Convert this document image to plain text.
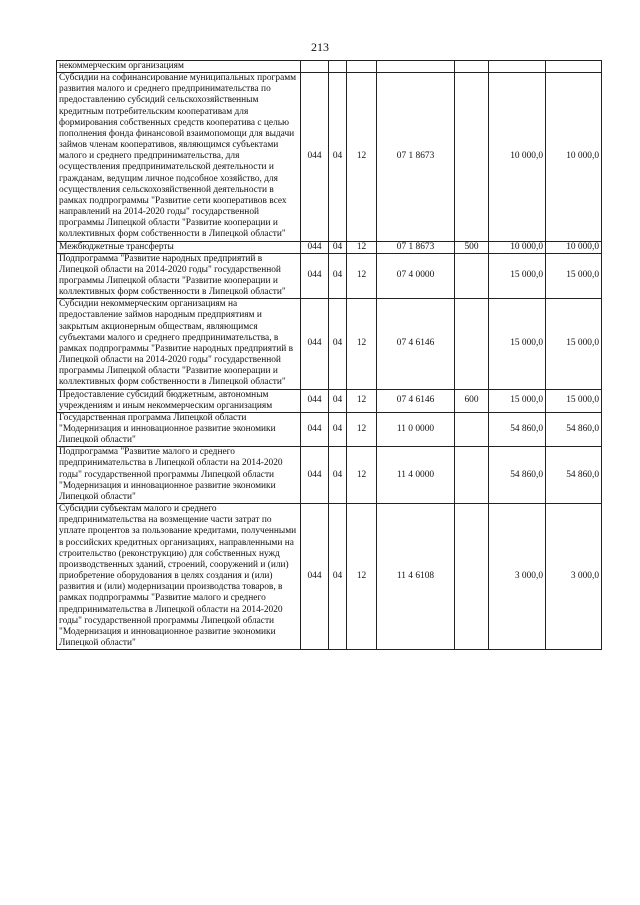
213
некоммерческим организациям							
Субсидии на софинансирование муниципальных программ развития малого и среднего предпринимательства по предоставлению субсидий сельскохозяйственным кредитным потребительским кооперативам для формирования собственных средств кооператива с целью пополнения фонда финансовой взаимопомощи для выдачи займов членам кооперативов, являющимся субъектами малого и среднего предпринимательства, для осуществления предпринимательской деятельности и гражданам, ведущим личное подсобное хозяйство, для осуществления сельскохозяйственной деятельности в рамках подпрограммы "Развитие сети кооперативов всех направлений на 2014-2020 годы" государственной программы Липецкой области "Развитие кооперации и коллективных форм собственности в Липецкой области"	044	04	12	07 1 8673		10 000,0	10 000,0
Межбюджетные трансферты	044	04	12	07 1 8673	500	10 000,0	10 000,0
Подпрограмма "Развитие народных предприятий в Липецкой области на 2014-2020 годы" государственной программы Липецкой области "Развитие кооперации и коллективных форм собственности в Липецкой области"	044	04	12	07 4 0000		15 000,0	15 000,0
Субсидии некоммерческим организациям на предоставление займов народным предприятиям и закрытым акционерным обществам, являющимся субъектами малого и среднего предпринимательства, в рамках подпрограммы "Развитие народных предприятий в Липецкой области на 2014-2020 годы" государственной программы Липецкой области "Развитие кооперации и коллективных форм собственности в Липецкой области"	044	04	12	07 4 6146		15 000,0	15 000,0
Предоставление субсидий бюджетным, автономным учреждениям и иным некоммерческим организациям	044	04	12	07 4 6146	600	15 000,0	15 000,0
Государственная программа Липецкой области "Модернизация и инновационное развитие экономики Липецкой области"	044	04	12	11 0 0000		54 860,0	54 860,0
Подпрограмма "Развитие малого и среднего предпринимательства в Липецкой области на 2014-2020 годы" государственной программы Липецкой области "Модернизация и инновационное развитие экономики Липецкой области"	044	04	12	11 4 0000		54 860,0	54 860,0
Субсидии субъектам малого и среднего предпринимательства на возмещение части затрат по уплате процентов за пользование кредитами, полученными в российских кредитных организациях, направленными на строительство (реконструкцию) для собственных нужд производственных зданий, строений, сооружений и (или) приобретение оборудования в целях создания и (или) развития и (или) модернизации производства товаров, в рамках подпрограммы "Развитие малого и среднего предпринимательства в Липецкой области на 2014-2020 годы" государственной программы Липецкой области "Модернизация и инновационное развитие экономики Липецкой области"	044	04	12	11 4 6108		3 000,0	3 000,0
